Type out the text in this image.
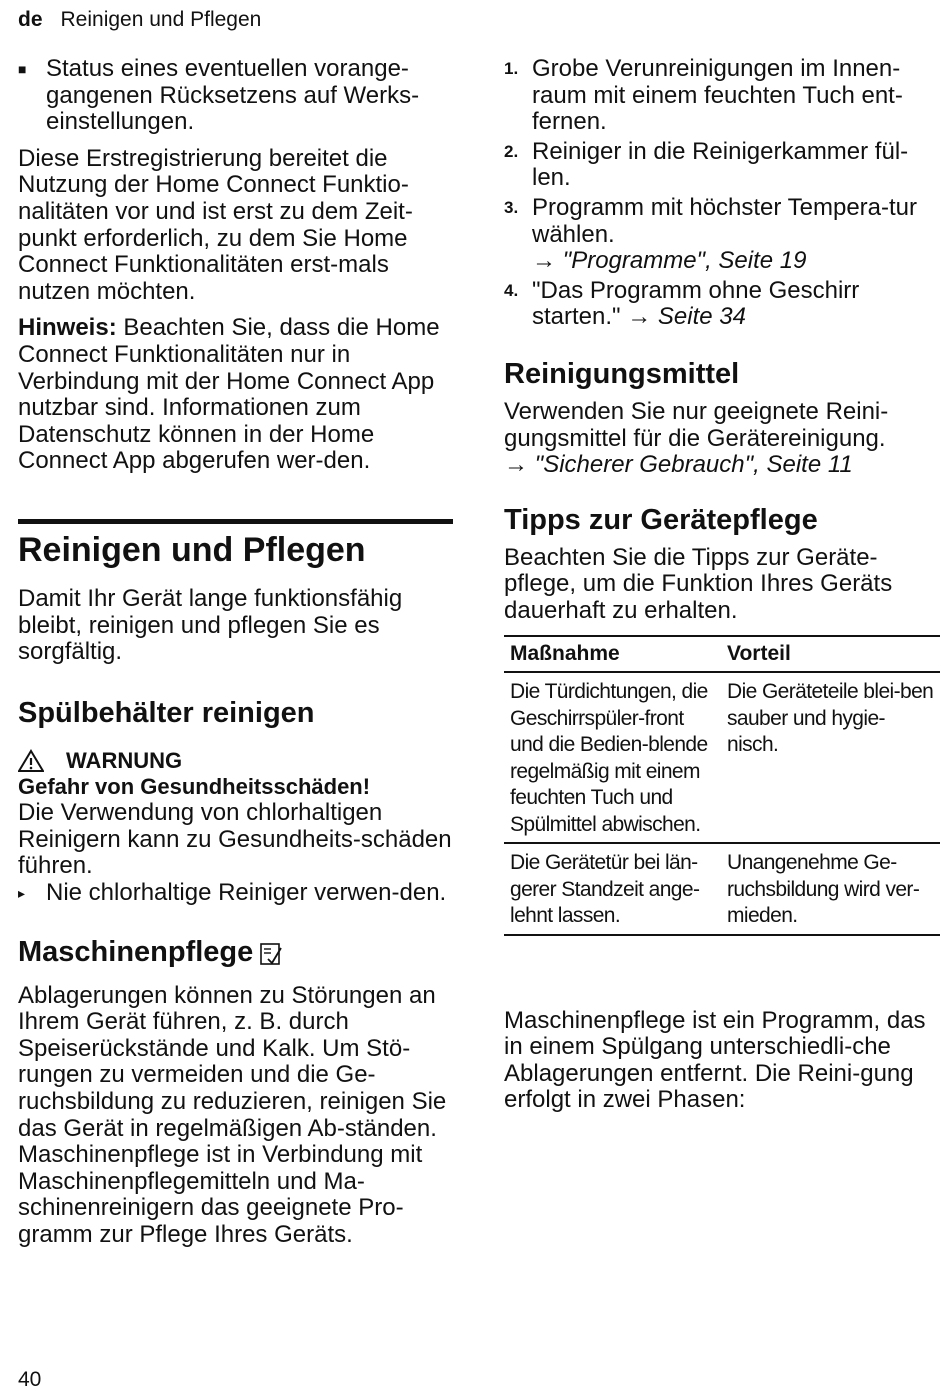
de Reinigen und Pflegen
■ Status eines eventuellen vorange-gangenen Rücksetzens auf Werks-einstellungen.

Diese Erstregistrierung bereitet die Nutzung der Home Connect Funktio-nalitäten vor und ist erst zu dem Zeit-punkt erforderlich, zu dem Sie Home Connect Funktionalitäten erst-mals nutzen möchten.

Hinweis: Beachten Sie, dass die Home Connect Funktionalitäten nur in Verbindung mit der Home Connect App nutzbar sind. Informationen zum Datenschutz können in der Home Connect App abgerufen wer-den.

Reinigen und Pflegen

Damit Ihr Gerät lange funktionsfähig bleibt, reinigen und pflegen Sie es sorgfältig.

Spülbehälter reinigen
WARNUNG

Gefahr von Gesundheitsschäden!

Die Verwendung von chlorhaltigen Reinigern kann zu Gesundheits-schäden führen.

▸ Nie chlorhaltige Reiniger verwen-den.

Maschinenpflege

Ablagerungen können zu Störungen an Ihrem Gerät führen, z. B. durch Speiserückstände und Kalk. Um Stö-rungen zu vermeiden und die Ge-ruchsbildung zu reduzieren, reinigen Sie das Gerät in regelmäßigen Ab-ständen.

Maschinenpflege ist in Verbindung mit Maschinenpflegemitteln und Ma-schinenreinigern das geeignete Pro-gramm zur Pflege Ihres Geräts.

1. Grobe Verunreinigungen im Innen-raum mit einem feuchten Tuch ent-fernen.

2. Reiniger in die Reinigerkammer fül-len.

3. Programm mit höchster Tempera-tur wählen.

→ "Programme", Seite 19

4. "Das Programm ohne Geschirr starten." → Seite 34

Reinigungsmittel

Verwenden Sie nur geeignete Reini-gungsmittel für die Gerätereinigung.

→ "Sicherer Gebrauch", Seite 11

Tipps zur Gerätepflege

Beachten Sie die Tipps zur Geräte-pflege, um die Funktion Ihres Geräts dauerhaft zu erhalten.

Maßnahme	Vorteil
Die Türdichtungen, die Geschirrspüler-front und die Bedien-blende regelmäßig mit einem feuchten Tuch und Spülmittel abwischen.	Die Geräteteile blei-ben sauber und hygie-nisch.
Die Gerätetür bei län-gerer Standzeit ange-lehnt lassen.	Unangenehme Ge-ruchsbildung wird ver-mieden.

Maschinenpflege ist ein Programm, das in einem Spülgang unterschiedli-che Ablagerungen entfernt. Die Reini-gung erfolgt in zwei Phasen:

40
